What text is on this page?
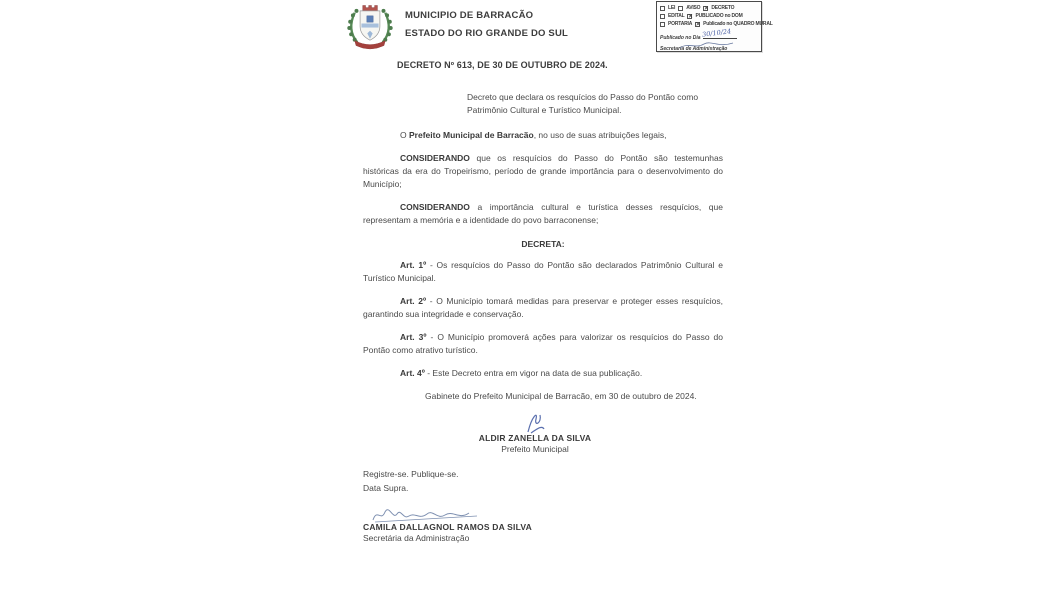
MUNICIPIO DE BARRACÃO
ESTADO DO RIO GRANDE DO SUL
LEI AVISO ✕ DECRETO
EDITAL ✕ PUBLICADO no DOM
PORTARIA ✕ Publicado no QUADRO MURAL
Publicado no Dia 30/10/24
Secretaria de Administração
DECRETO Nº 613, DE 30 DE OUTUBRO DE 2024.
Decreto que declara os resquícios do Passo do Pontão como Patrimônio Cultural e Turístico Municipal.

O Prefeito Municipal de Barracão, no uso de suas atribuições legais,

CONSIDERANDO que os resquícios do Passo do Pontão são testemunhas históricas da era do Tropeirismo, período de grande importância para o desenvolvimento do Município;

CONSIDERANDO a importância cultural e turística desses resquícios, que representam a memória e a identidade do povo barraconense;

DECRETA:

Art. 1º - Os resquícios do Passo do Pontão são declarados Patrimônio Cultural e Turístico Municipal.

Art. 2º - O Município tomará medidas para preservar e proteger esses resquícios, garantindo sua integridade e conservação.

Art. 3º - O Município promoverá ações para valorizar os resquícios do Passo do Pontão como atrativo turístico.

Art. 4º - Este Decreto entra em vigor na data de sua publicação.

Gabinete do Prefeito Municipal de Barracão, em 30 de outubro de 2024.

ALDIR ZANELLA DA SILVA
Prefeito Municipal
Registre-se. Publique-se.
Data Supra.
CAMILA DALLAGNOL RAMOS DA SILVA
Secretária da Administração
